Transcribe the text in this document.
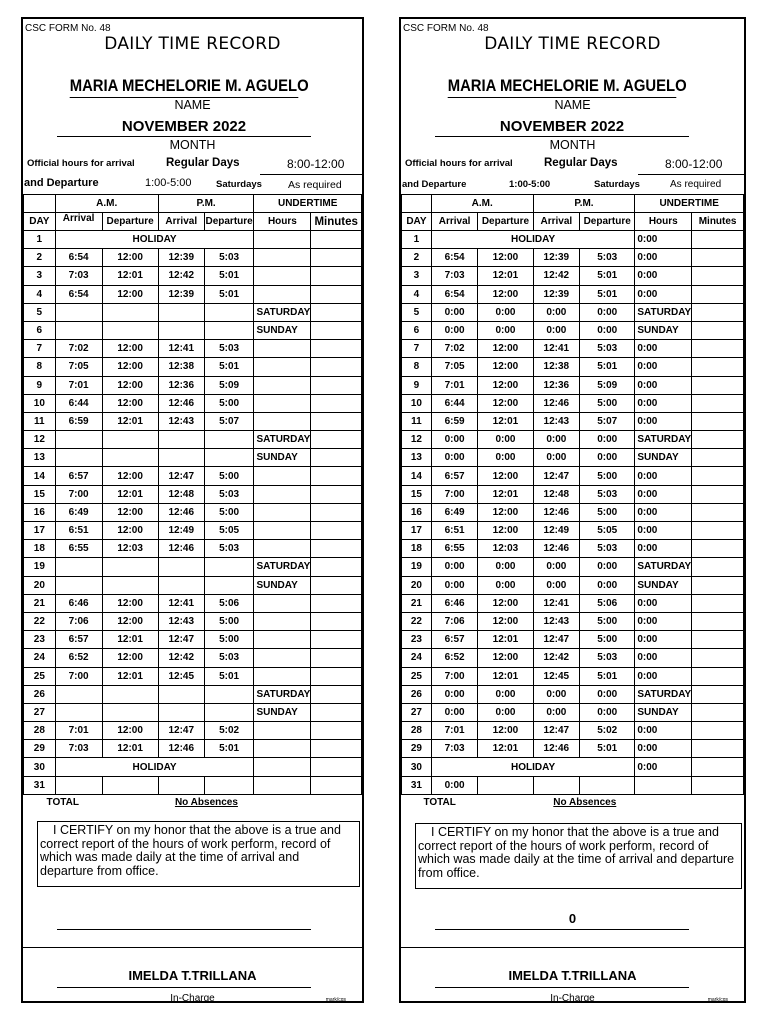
CSC FORM No. 48
DAILY TIME RECORD
MARIA MECHELORIE M. AGUELO
NAME
NOVEMBER 2022
MONTH
Official hours for arrival	Regular Days	8:00-12:00
and Departure	1:00-5:00	Saturdays As required
	A.M.		P.M.		UNDERTIME	
DAY	Arrival	Departure	Arrival	Departure	Hours	Minutes
1	HOLIDAY					
2	6:54	12:00	12:39	5:03		
3	7:03	12:01	12:42	5:01		
4	6:54	12:00	12:39	5:01		
5					SATURDAY	
6					SUNDAY	
7	7:02	12:00	12:41	5:03		
8	7:05	12:00	12:38	5:01		
9	7:01	12:00	12:36	5:09		
10	6:44	12:00	12:46	5:00		
11	6:59	12:01	12:43	5:07		
12					SATURDAY	
13					SUNDAY	
14	6:57	12:00	12:47	5:00		
15	7:00	12:01	12:48	5:03		
16	6:49	12:00	12:46	5:00		
17	6:51	12:00	12:49	5:05		
18	6:55	12:03	12:46	5:03		
19					SATURDAY	
20					SUNDAY	
21	6:46	12:00	12:41	5:06		
22	7:06	12:00	12:43	5:00		
23	6:57	12:01	12:47	5:00		
24	6:52	12:00	12:42	5:03		
25	7:00	12:01	12:45	5:01		
26					SATURDAY	
27					SUNDAY	
28	7:01	12:00	12:47	5:02		
29	7:03	12:01	12:46	5:01		
30	HOLIDAY					
31						
TOTAL		No Absences				
I CERTIFY on my honor that the above is a true and correct report of the hours of work perform, record of which was made daily at the time of arrival and departure from office.
IMELDA T.TRILLANA
In-Charge	mark/cgs
CSC FORM No. 48
DAILY TIME RECORD
MARIA MECHELORIE M. AGUELO
NAME
NOVEMBER 2022
MONTH
Official hours for arrival	Regular Days	8:00-12:00
and Departure	1:00-5:00	Saturdays	As required
	A.M.		P.M.		UNDERTIME	
DAY	Arrival	Departure	Arrival	Departure	Hours	Minutes
1	HOLIDAY				0:00	
2	6:54	12:00	12:39	5:03	0:00	
3	7:03	12:01	12:42	5:01	0:00	
4	6:54	12:00	12:39	5:01	0:00	
5	0:00	0:00	0:00	0:00	SATURDAY	
6	0:00	0:00	0:00	0:00	SUNDAY	
7	7:02	12:00	12:41	5:03	0:00	
8	7:05	12:00	12:38	5:01	0:00	
9	7:01	12:00	12:36	5:09	0:00	
10	6:44	12:00	12:46	5:00	0:00	
11	6:59	12:01	12:43	5:07	0:00	
12	0:00	0:00	0:00	0:00	SATURDAY	
13	0:00	0:00	0:00	0:00	SUNDAY	
14	6:57	12:00	12:47	5:00	0:00	
15	7:00	12:01	12:48	5:03	0:00	
16	6:49	12:00	12:46	5:00	0:00	
17	6:51	12:00	12:49	5:05	0:00	
18	6:55	12:03	12:46	5:03	0:00	
19	0:00	0:00	0:00	0:00	SATURDAY	
20	0:00	0:00	0:00	0:00	SUNDAY	
21	6:46	12:00	12:41	5:06	0:00	
22	7:06	12:00	12:43	5:00	0:00	
23	6:57	12:01	12:47	5:00	0:00	
24	6:52	12:00	12:42	5:03	0:00	
25	7:00	12:01	12:45	5:01	0:00	
26	0:00	0:00	0:00	0:00	SATURDAY	
27	0:00	0:00	0:00	0:00	SUNDAY	
28	7:01	12:00	12:47	5:02	0:00	
29	7:03	12:01	12:46	5:01	0:00	
30	HOLIDAY				0:00	
31	0:00					
TOTAL		No Absences				
I CERTIFY on my honor that the above is a true and correct report of the hours of work perform, record of which was made daily at the time of arrival and departure from office.
0
IMELDA T.TRILLANA
In-Charge	mark/cgs
